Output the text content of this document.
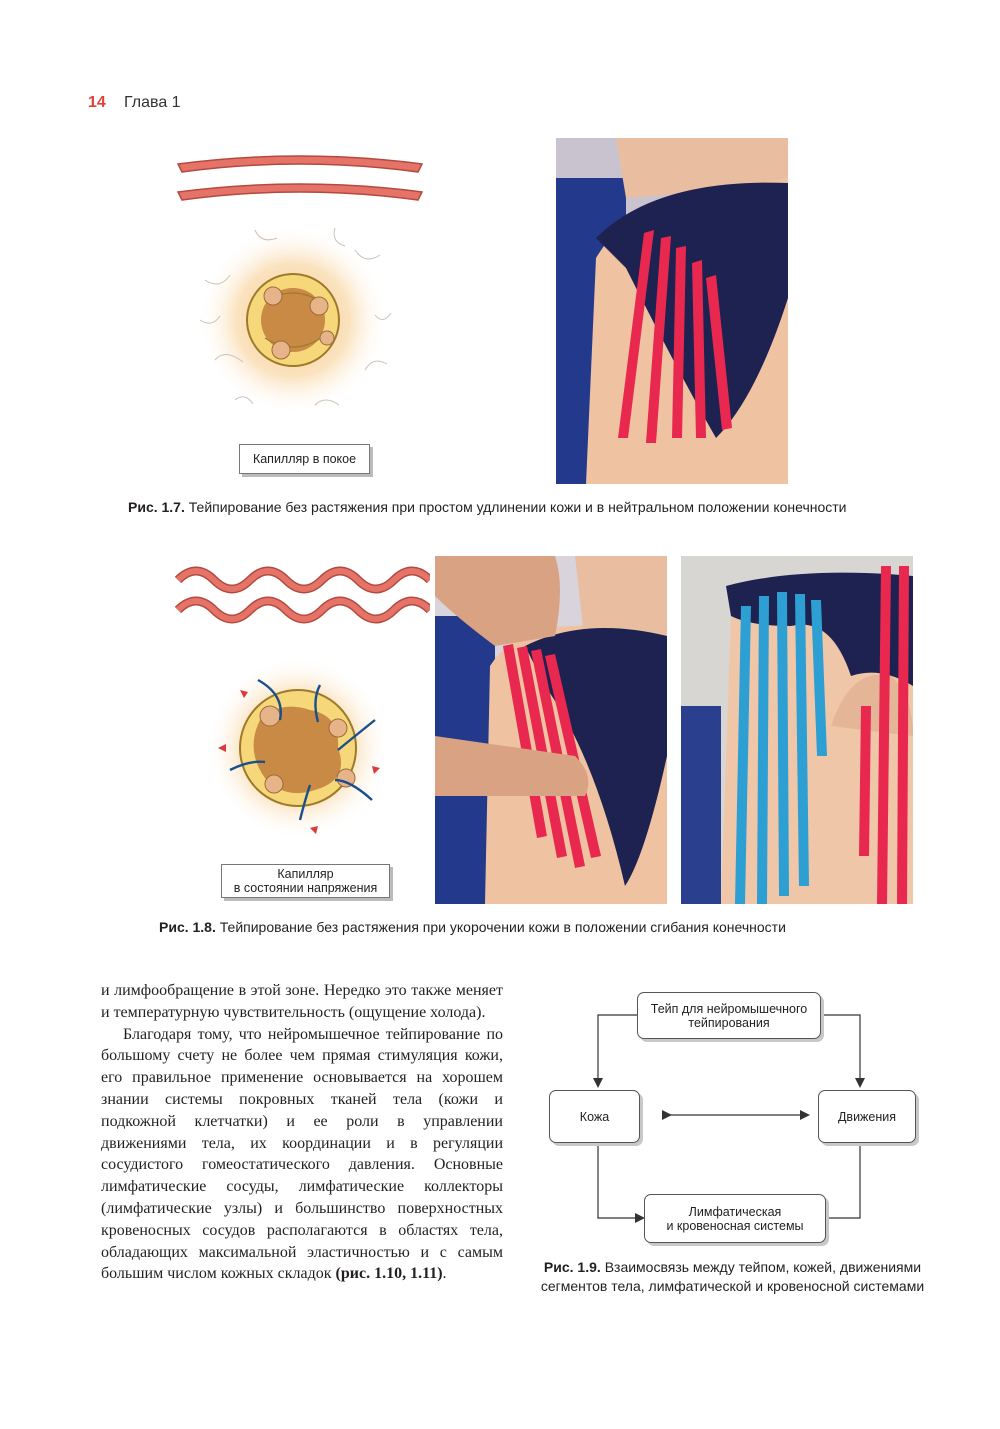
14 Глава 1
Капилляр в покое
Рис. 1.7. Тейпирование без растяжения при простом удлинении кожи и в нейтральном положении конечности
Капилляр
в состоянии напряжения
Рис. 1.8. Тейпирование без растяжения при укорочении кожи в положении сгибания конечности

и лимфообращение в этой зоне. Нередко это также меняет и температурную чувствительность (ощущение холода).

Благодаря тому, что нейромышечное тейпирование по большому счету не более чем прямая стимуляция кожи, его правильное применение основывается на хорошем знании системы покровных тканей тела (кожи и подкожной клетчатки) и ее роли в управлении движениями тела, их координации и в регуляции сосудистого гомеостатического давления. Основные лимфатические сосуды, лимфатические коллекторы (лимфатические узлы) и большинство поверхностных кровеносных сосудов располагаются в областях тела, обладающих максимальной эластичностью и с самым большим числом кожных складок (рис. 1.10, 1.11).

Тейп для нейромышечного
тейпирования
Кожа	Движения
Лимфатическая
и кровеносная системы
Рис. 1.9. Взаимосвязь между тейпом, кожей, движениями сегментов тела, лимфатической и кровеносной системами
